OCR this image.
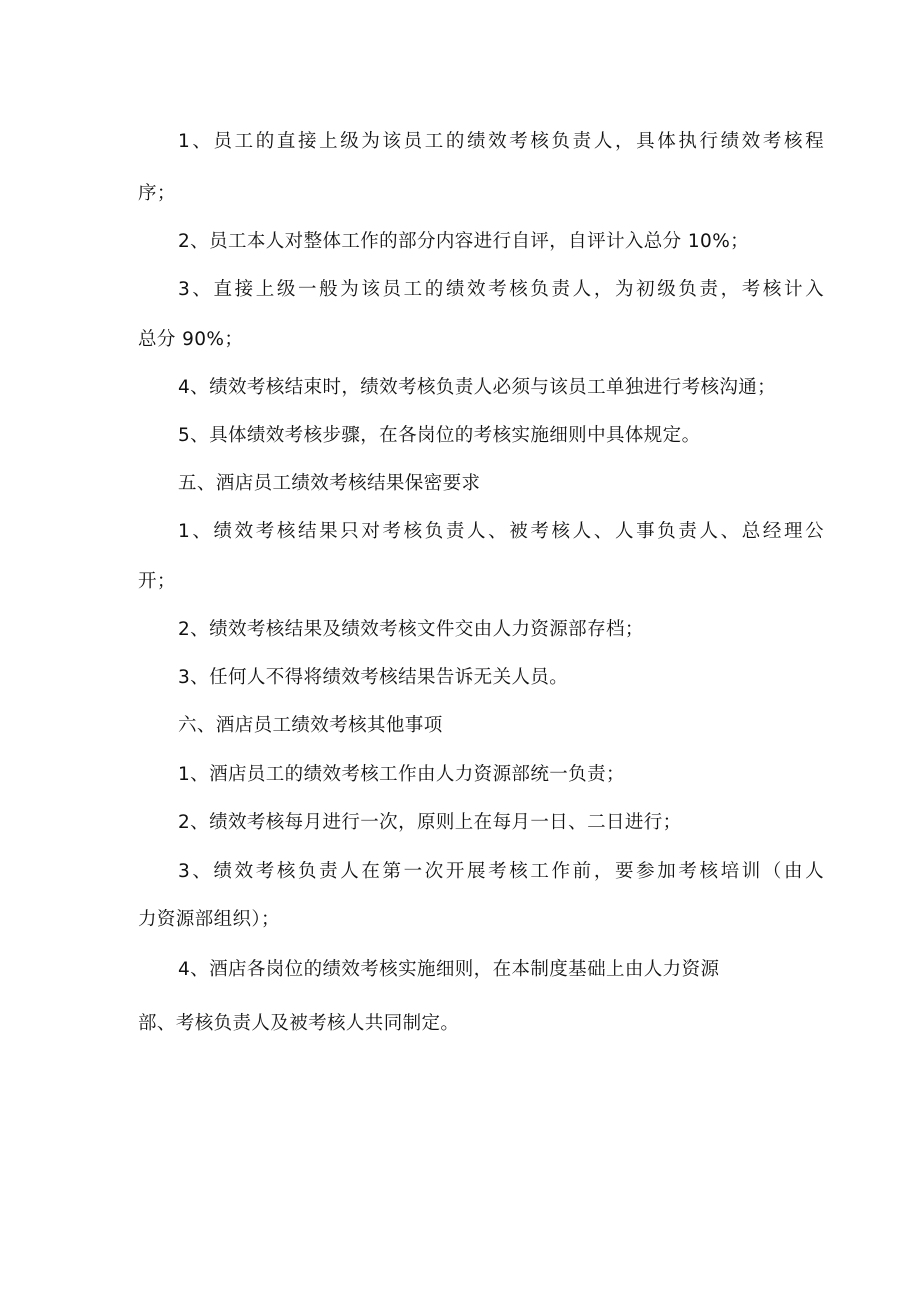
1、员工的直接上级为该员工的绩效考核负责人，具体执行绩效考核程
序；
2、员工本人对整体工作的部分内容进行自评，自评计入总分 10%；
3、直接上级一般为该员工的绩效考核负责人，为初级负责，考核计入
总分 90%；
4、绩效考核结束时，绩效考核负责人必须与该员工单独进行考核沟通；
5、具体绩效考核步骤，在各岗位的考核实施细则中具体规定。
五、酒店员工绩效考核结果保密要求
1、绩效考核结果只对考核负责人、被考核人、人事负责人、总经理公
开；
2、绩效考核结果及绩效考核文件交由人力资源部存档；
3、任何人不得将绩效考核结果告诉无关人员。
六、酒店员工绩效考核其他事项
1、酒店员工的绩效考核工作由人力资源部统一负责；
2、绩效考核每月进行一次，原则上在每月一日、二日进行；
3、绩效考核负责人在第一次开展考核工作前，要参加考核培训（由人
力资源部组织）；
4、酒店各岗位的绩效考核实施细则，在本制度基础上由人力资源
部、考核负责人及被考核人共同制定。
